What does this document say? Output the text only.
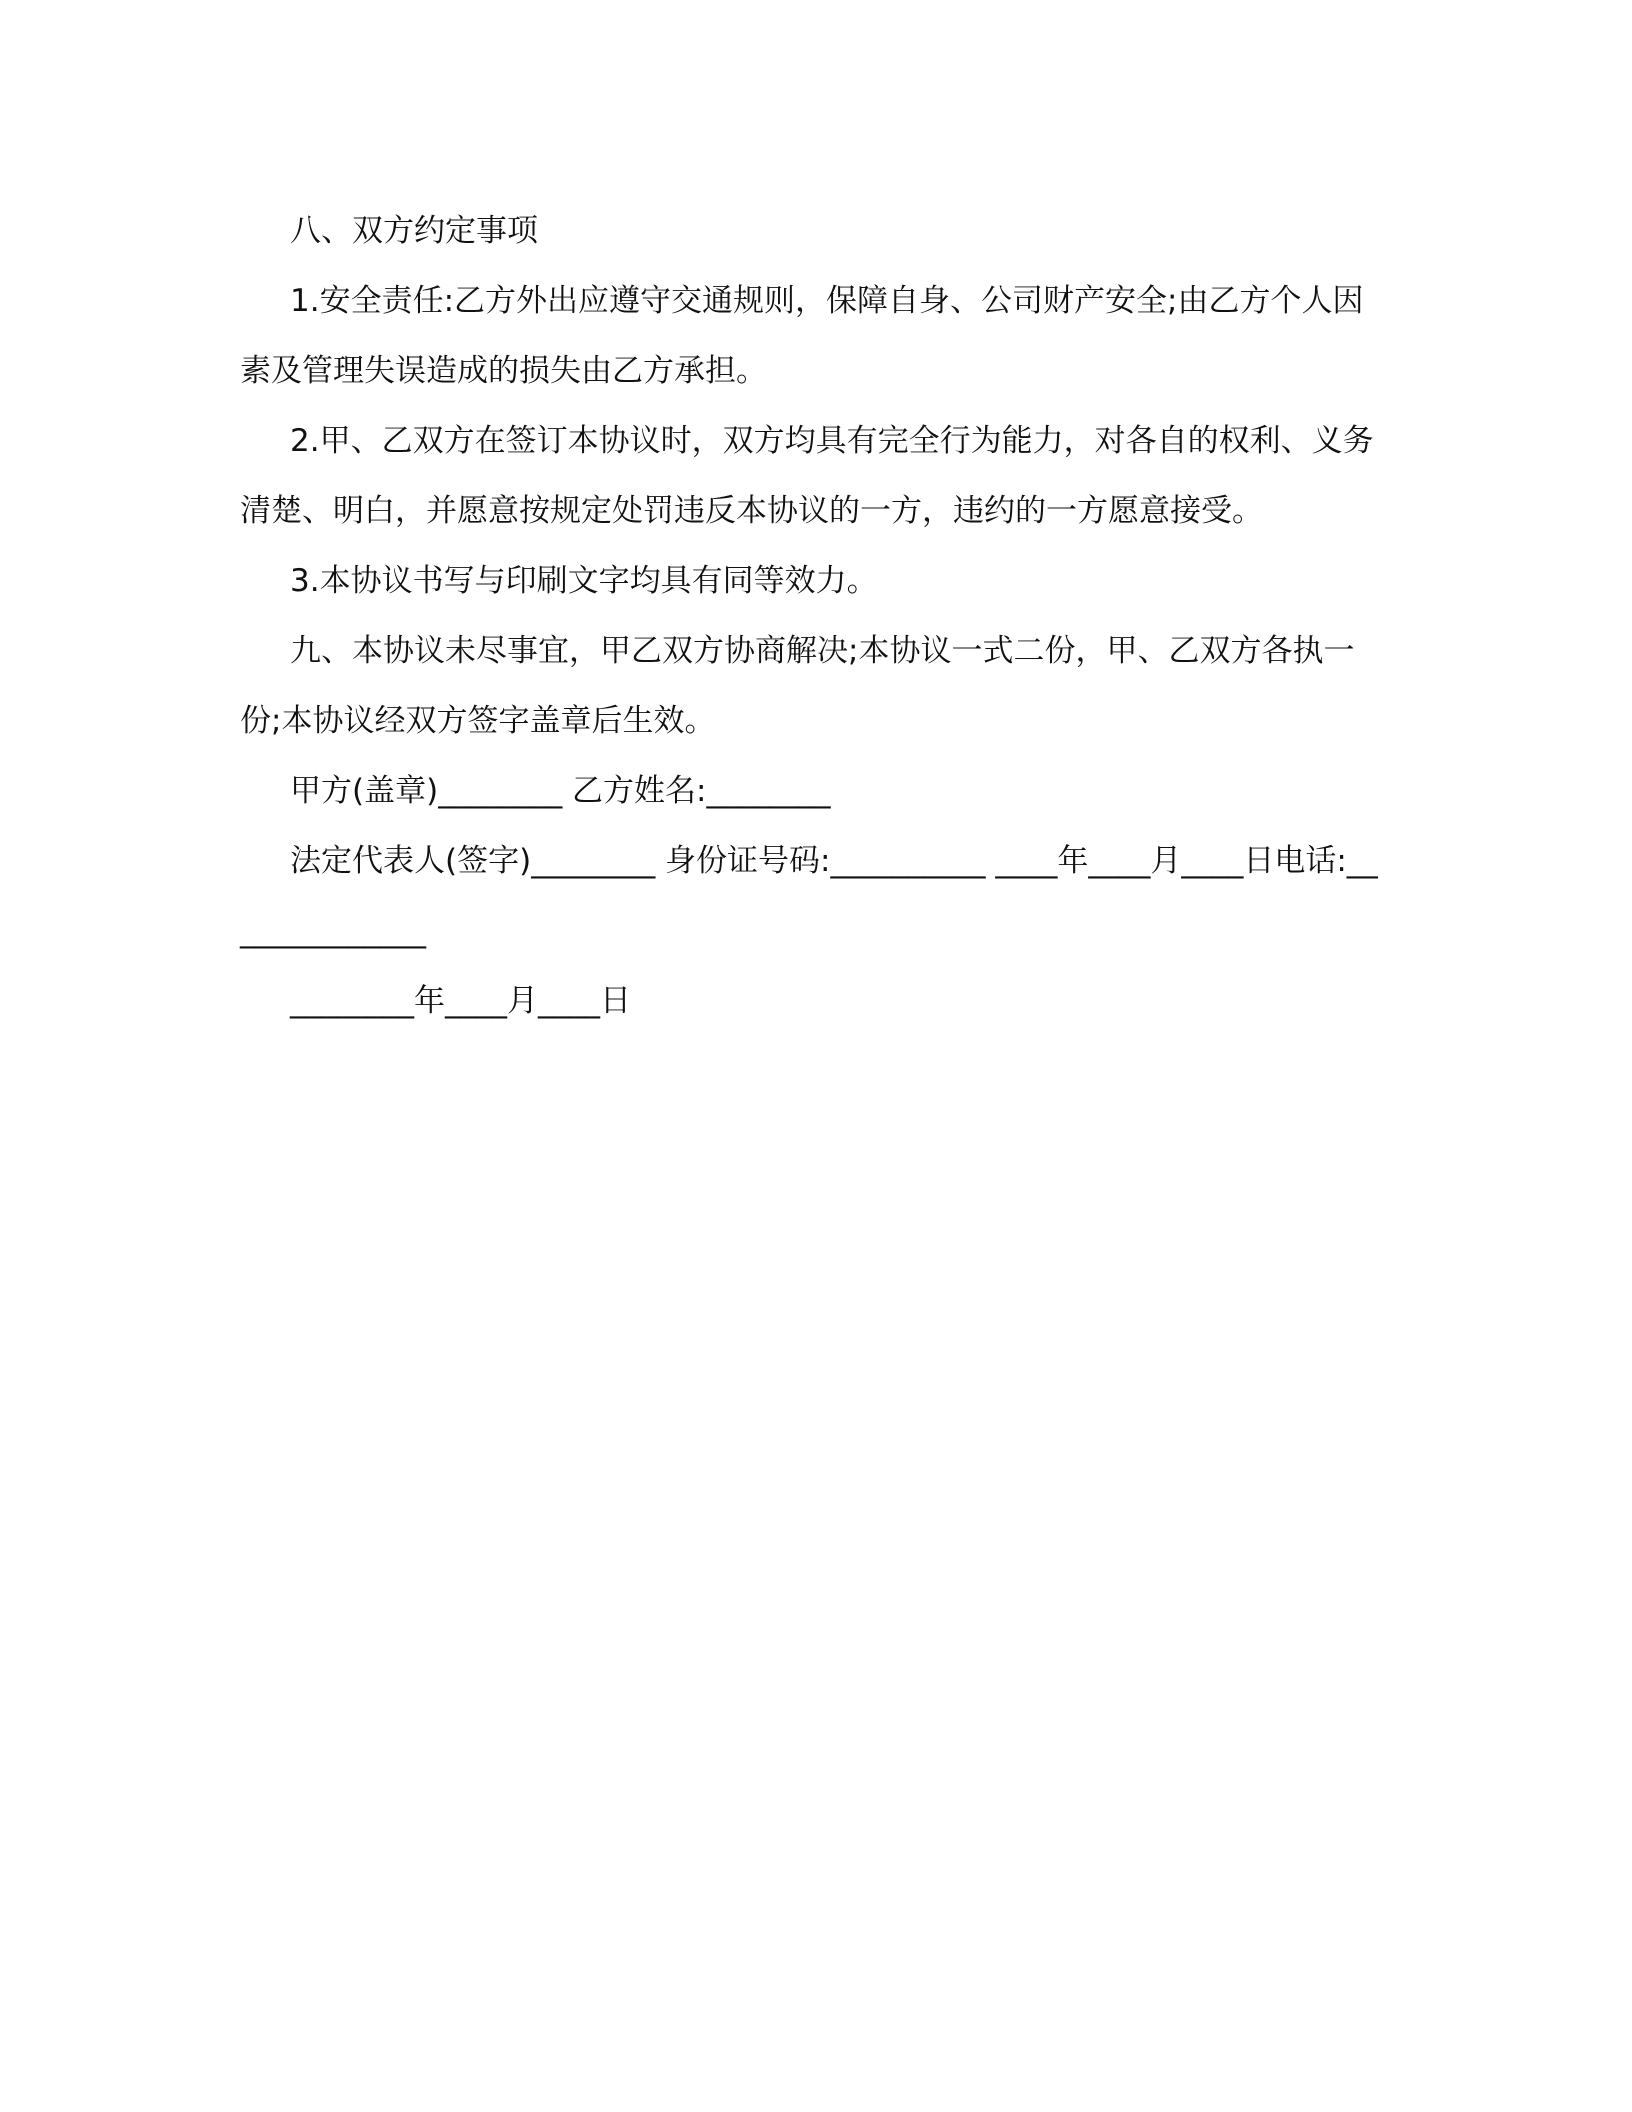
八、双方约定事项

1.安全责任:乙方外出应遵守交通规则，保障自身、公司财产安全;由乙方个人因素及管理失误造成的损失由乙方承担。

2.甲、乙双方在签订本协议时，双方均具有完全行为能力，对各自的权利、义务清楚、明白，并愿意按规定处罚违反本协议的一方，违约的一方愿意接受。

3.本协议书写与印刷文字均具有同等效力。

九、本协议未尽事宜，甲乙双方协商解决;本协议一式二份，甲、乙双方各执一份;本协议经双方签字盖章后生效。

甲方(盖章)________ 乙方姓名:________

法定代表人(签字)________ 身份证号码:__________ ____年____月____日电话:______________

________年____月____日
